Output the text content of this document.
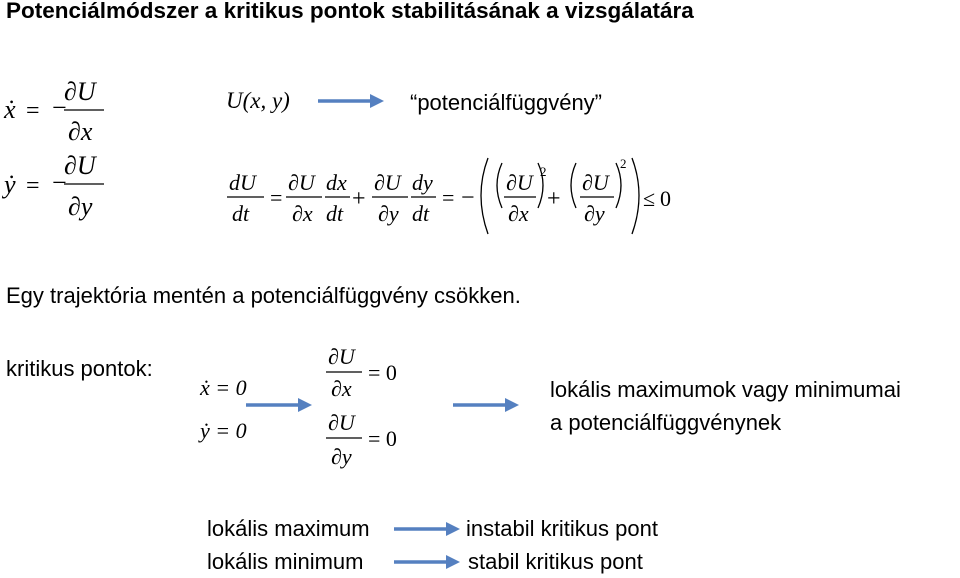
Potenciálmódszer a kritikus pontok stabilitásának a vizsgálatára
ẋ = −
∂U
∂x
ẏ = −
∂U
∂y
U(x, y)	“potenciálfüggvény”
dU
dt
=
∂U
∂x
dx
dt
+
∂U
∂y
dy
dt
= −
∂U
∂x
2
+
∂U
∂y
2
≤ 0
Egy trajektória mentén a potenciálfüggvény csökken.
kritikus pontok:
ẋ = 0
ẏ = 0
∂U
∂x
= 0
∂U
∂y
= 0
lokális maximumok vagy minimumai
a potenciálfüggvénynek
lokális maximum	instabil kritikus pont
lokális minimum	stabil kritikus pont
